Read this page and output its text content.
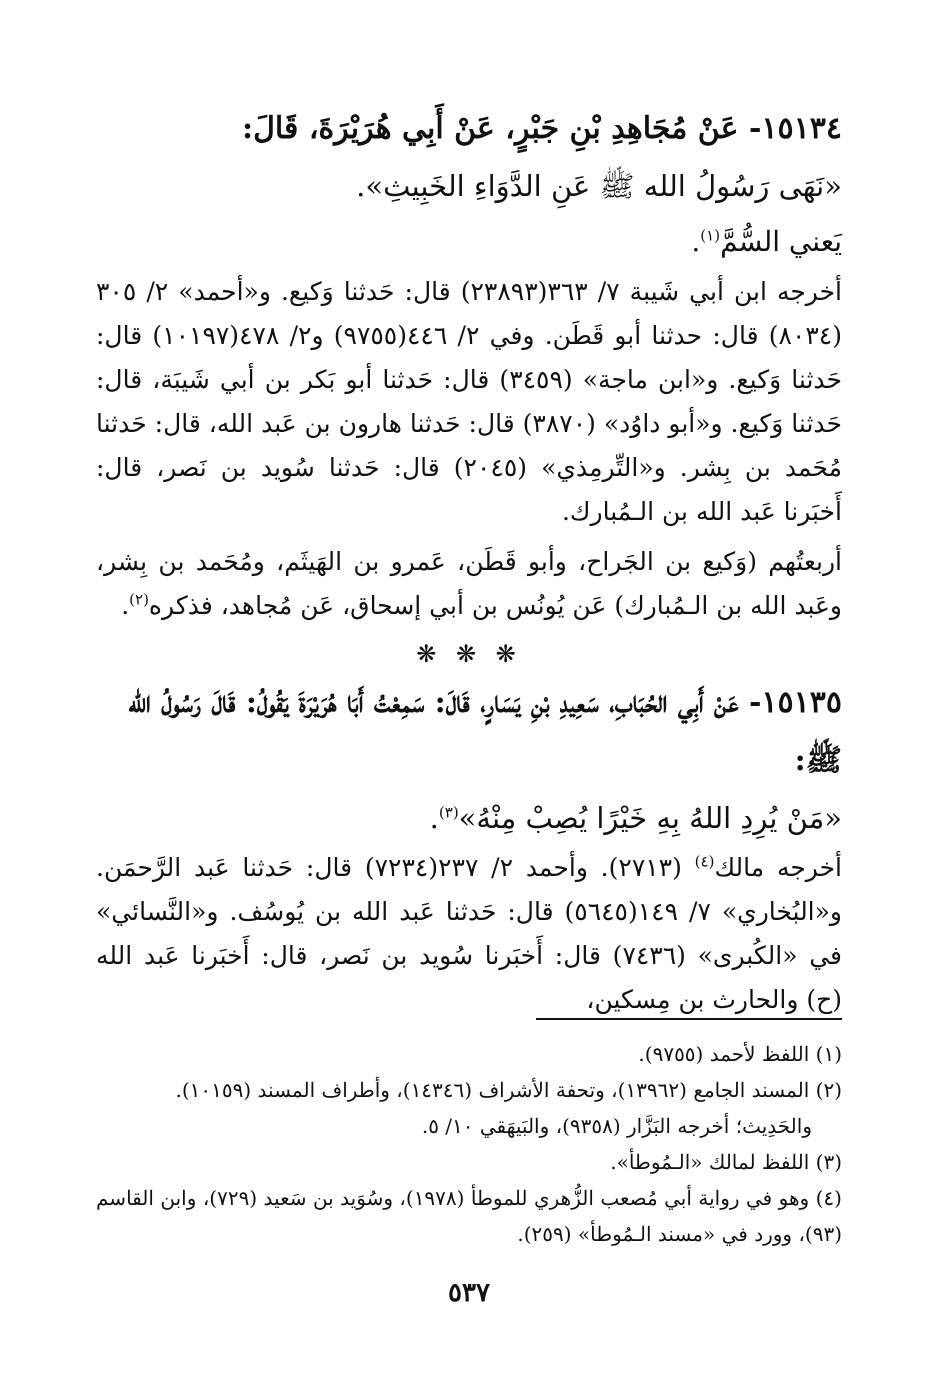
١٥١٣٤- عَنْ مُجَاهِدِ بْنِ جَبْرٍ، عَنْ أَبِي هُرَيْرَةَ، قَالَ:

«نَهَى رَسُولُ الله ﷺ عَنِ الدَّوَاءِ الخَبِيثِ».

يَعني السُّمَّ$^{(١)}$.

أخرجه ابن أبي شَيبة ٧/ ٣٦٣(٢٣٨٩٣) قال: حَدثنا وَكيع. و«أحمد» ٢/ ٣٠٥ (٨٠٣٤) قال: حدثنا أبو قَطَن. وفي ٢/ ٤٤٦(٩٧٥٥) و٢/ ٤٧٨(١٠١٩٧) قال: حَدثنا وَكيع. و«ابن ماجة» (٣٤٥٩) قال: حَدثنا أبو بَكر بن أبي شَيبَة، قال: حَدثنا وَكيع. و«أبو داوُد» (٣٨٧٠) قال: حَدثنا هارون بن عَبد الله، قال: حَدثنا مُحَمد بن بِشر. و«التِّرمِذي» (٢٠٤٥) قال: حَدثنا سُويد بن نَصر، قال: أَخبَرنا عَبد الله بن الـمُبارك.

أربعتُهم (وَكيع بن الجَراح، وأبو قَطَن، عَمرو بن الهَيثَم، ومُحَمد بن بِشر، وعَبد الله بن الـمُبارك) عَن يُونُس بن أبي إسحاق، عَن مُجاهد، فذكره$^{(٢)}$.

❋ ❋ ❋

١٥١٣٥- عَنْ أَبِي الحُبَابِ، سَعِيدِ بْنِ يَسَارٍ، قَالَ: سَمِعْتُ أَبَا هُرَيْرَةَ يَقُولُ: قَالَ رَسُولُ الله ﷺ:

«مَنْ يُرِدِ اللهُ بِهِ خَيْرًا يُصِبْ مِنْهُ»$^{(٣)}$.

أخرجه مالك$^{(٤)}$ (٢٧١٣). وأحمد ٢/ ٢٣٧(٧٢٣٤) قال: حَدثنا عَبد الرَّحمَن. و«البُخاري» ٧/ ١٤٩(٥٦٤٥) قال: حَدثنا عَبد الله بن يُوسُف. و«النَّسائي» في «الكُبرى» (٧٤٣٦) قال: أَخبَرنا سُويد بن نَصر، قال: أَخبَرنا عَبد الله (ح) والحارث بن مِسكين،

(١) اللفظ لأحمد (٩٧٥٥).

(٢) المسند الجامع (١٣٩٦٢)، وتحفة الأشراف (١٤٣٤٦)، وأطراف المسند (١٠١٥٩).

والحَدِيث؛ أخرجه البَزَّار (٩٣٥٨)، والبَيهَقي ١٠/ ٥.

(٣) اللفظ لمالك «الـمُوطأ».

(٤) وهو في رواية أبي مُصعب الزُّهري للموطأ (١٩٧٨)، وسُوَيد بن سَعيد (٧٢٩)، وابن القاسم (٩٣)، وورد في «مسند الـمُوطأ» (٢٥٩).

٥٣٧
